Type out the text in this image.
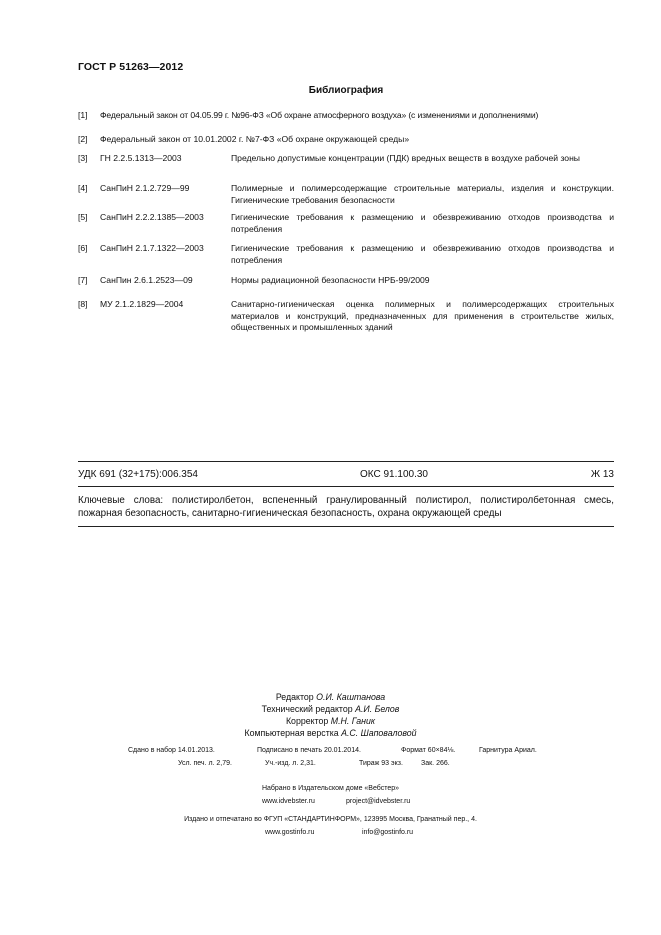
ГОСТ Р 51263—2012
Библиография
[1] Федеральный закон от 04.05.99 г. №96-ФЗ «Об охране атмосферного воздуха» (с изменениями и дополнениями)
[2] Федеральный закон от 10.01.2002 г. №7-ФЗ «Об охране окружающей среды»
[3] ГН 2.2.5.1313—2003	Предельно допустимые концентрации (ПДК) вредных веществ в воздухе рабочей зоны
[4] СанПиН 2.1.2.729—99	Полимерные и полимерсодержащие строительные материалы, изделия и конструкции. Гигиенические требования безопасности
[5] СанПиН 2.2.2.1385—2003	Гигиенические требования к размещению и обезвреживанию отходов производства и потребления
[6] СанПиН 2.1.7.1322—2003	Гигиенические требования к размещению и обезвреживанию отходов производства и потребления
[7] СанПин 2.6.1.2523—09	Нормы радиационной безопасности НРБ-99/2009
[8] МУ 2.1.2.1829—2004	Санитарно-гигиеническая оценка полимерных и полимерсодержащих строительных материалов и конструкций, предназначенных для применения в строительстве жилых, общественных и промышленных зданий
УДК 691 (32+175):006.354	ОКС 91.100.30	Ж 13
Ключевые слова: полистиролбетон, вспененный гранулированный полистирол, полистиролбетонная смесь, пожарная безопасность, санитарно-гигиеническая безопасность, охрана окружающей среды
Редактор О.И. Каштанова
Технический редактор А.И. Белов
Корректор М.Н. Ганик
Компьютерная верстка А.С. Шаповаловой
Сдано в набор 14.01.2013.	Подписано в печать 20.01.2014.	Формат 60×84⅛.	Гарнитура Ариал.
Усл. печ. л. 2,79.	Уч.-изд. л. 2,31.	Тираж 93 экз.	Зак. 266.
Набрано в Издательском доме «Вебстер»
www.idvebster.ru	project@idvebster.ru
Издано и отпечатано во ФГУП «СТАНДАРТИНФОРМ», 123995 Москва, Гранатный пер., 4.
www.gostinfo.ru	info@gostinfo.ru
